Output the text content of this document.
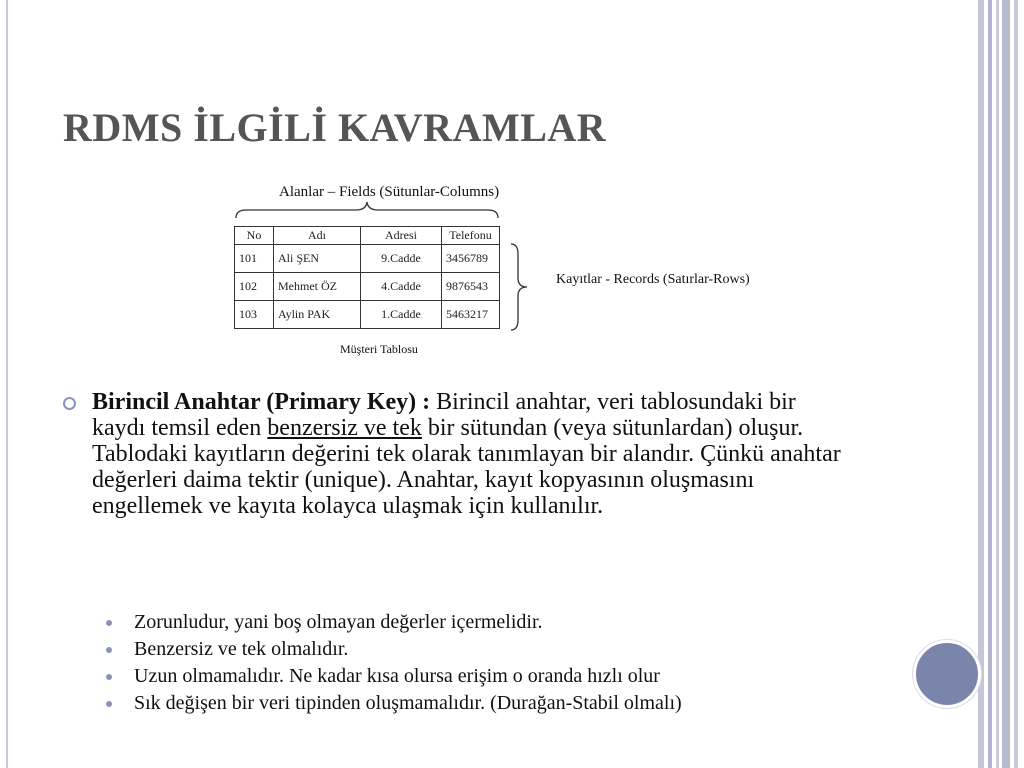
RDMS İLGİLİ KAVRAMLAR
Alanlar – Fields (Sütunlar-Columns)
No	Adı	Adresi	Telefonu
101	Ali ŞEN	9.Cadde	3456789
102	Mehmet ÖZ	4.Cadde	9876543
103	Aylin PAK	1.Cadde	5463217
Kayıtlar - Records (Satırlar-Rows)
Müşteri Tablosu
Birincil Anahtar (Primary Key) : Birincil anahtar, veri tablosundaki bir kaydı temsil eden benzersiz ve tek bir sütundan (veya sütunlardan) oluşur. Tablodaki kayıtların değerini tek olarak tanımlayan bir alandır. Çünkü anahtar değerleri daima tektir (unique). Anahtar, kayıt kopyasının oluşmasını engellemek ve kayıta kolayca ulaşmak için kullanılır.
Zorunludur, yani boş olmayan değerler içermelidir.
Benzersiz ve tek olmalıdır.
Uzun olmamalıdır. Ne kadar kısa olursa erişim o oranda hızlı olur
Sık değişen bir veri tipinden oluşmamalıdır. (Durağan-Stabil olmalı)
